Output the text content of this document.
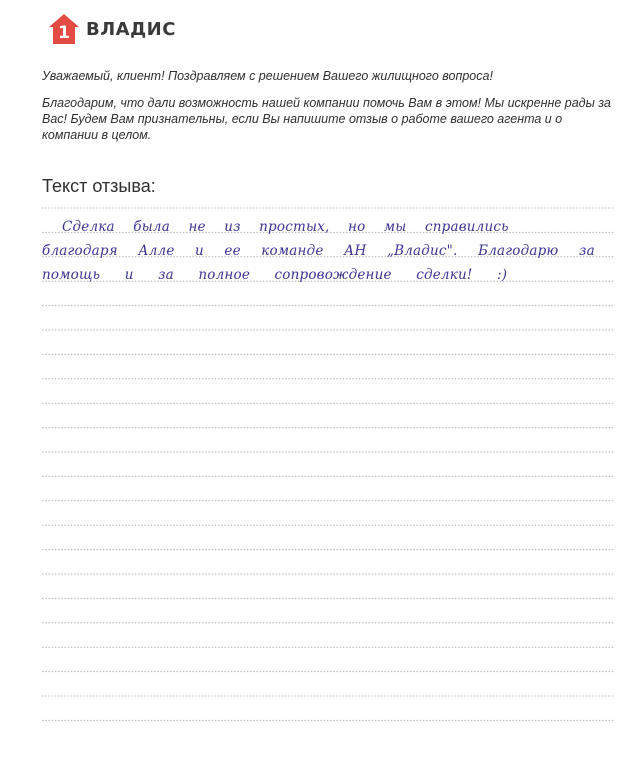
1 ВЛАДИС

Уважаемый, клиент! Поздравляем с решением Вашего жилищного вопроса!

Благодарим, что дали возможность нашей компании помочь Вам в этом! Мы искренне рады за Вас! Будем Вам признательны, если Вы напишите отзыв о работе вашего агента и о компании в целом.

Текст отзыва:
Сделка была не из простых, но мы справились
благодаря Алле и ее команде АН „Владис". Благодарю за
помощь и за полное сопровождение сделки! :)
